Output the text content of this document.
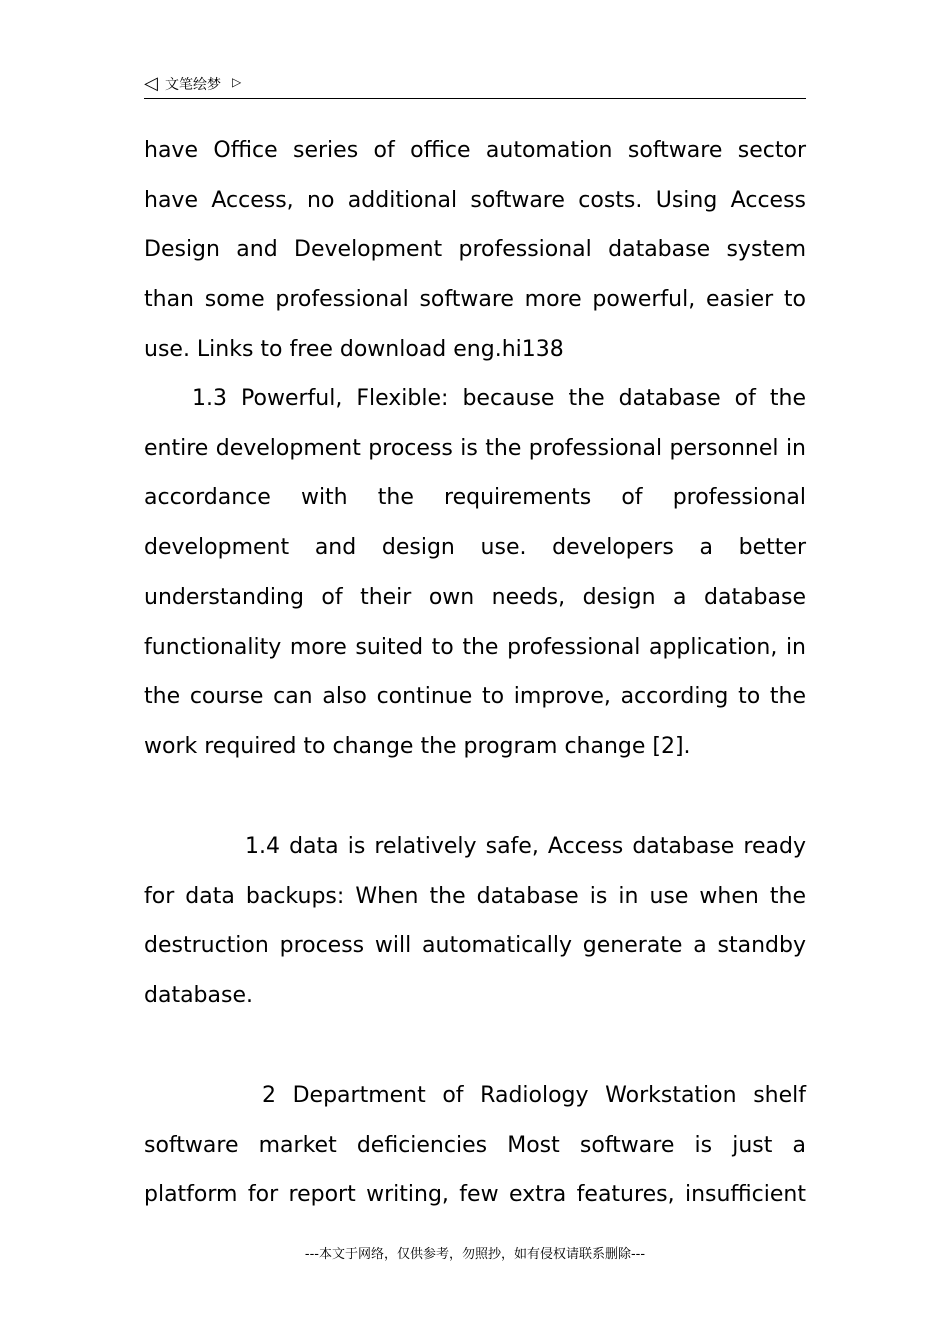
◁ 文笔绘梦 ▷

have Office series of office automation software sector have Access, no additional software costs. Using Access Design and Development professional database system than some professional software more powerful, easier to use. Links to free download eng.hi138

1.3 Powerful, Flexible: because the database of the entire development process is the professional personnel in accordance with the requirements of professional development and design use. developers a better understanding of their own needs, design a database functionality more suited to the professional application, in the course can also continue to improve, according to the work required to change the program change [2].

1.4 data is relatively safe, Access database ready for data backups: When the database is in use when the destruction process will automatically generate a standby database.

2 Department of Radiology Workstation shelf software market deficiencies Most software is just a platform for report writing, few extra features, insufficient

---本文于网络，仅供参考，勿照抄，如有侵权请联系删除---
